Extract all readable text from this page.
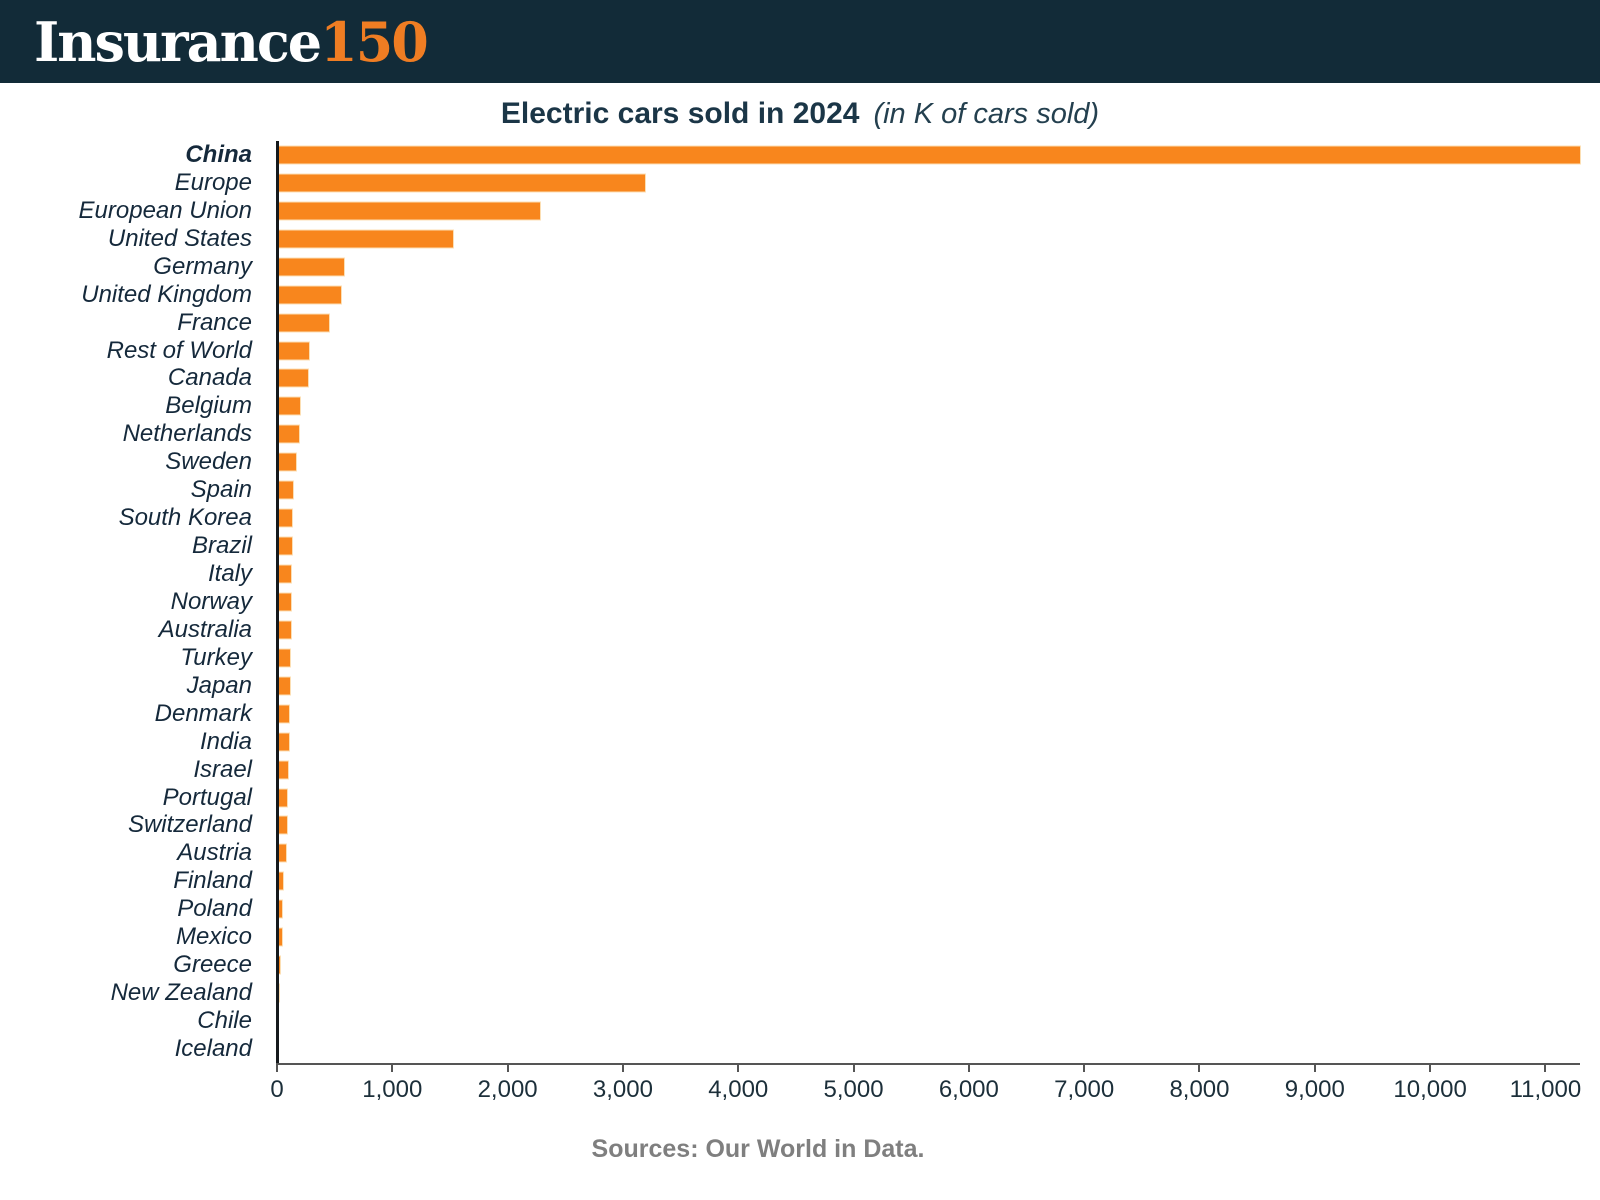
Insurance150
Electric cars sold in 2024 (in K of cars sold)
China
Europe
European Union
United States
Germany
United Kingdom
France
Rest of World
Canada
Belgium
Netherlands
Sweden
Spain
South Korea
Brazil
Italy
Norway
Australia
Turkey
Japan
Denmark
India
Israel
Portugal
Switzerland
Austria
Finland
Poland
Mexico
Greece
New Zealand
Chile
Iceland
0	1,000 2,000 3,000 4,000 5,000 6,000 7,000 8,000 9,000 10,000 11,000
Sources: Our World in Data.
